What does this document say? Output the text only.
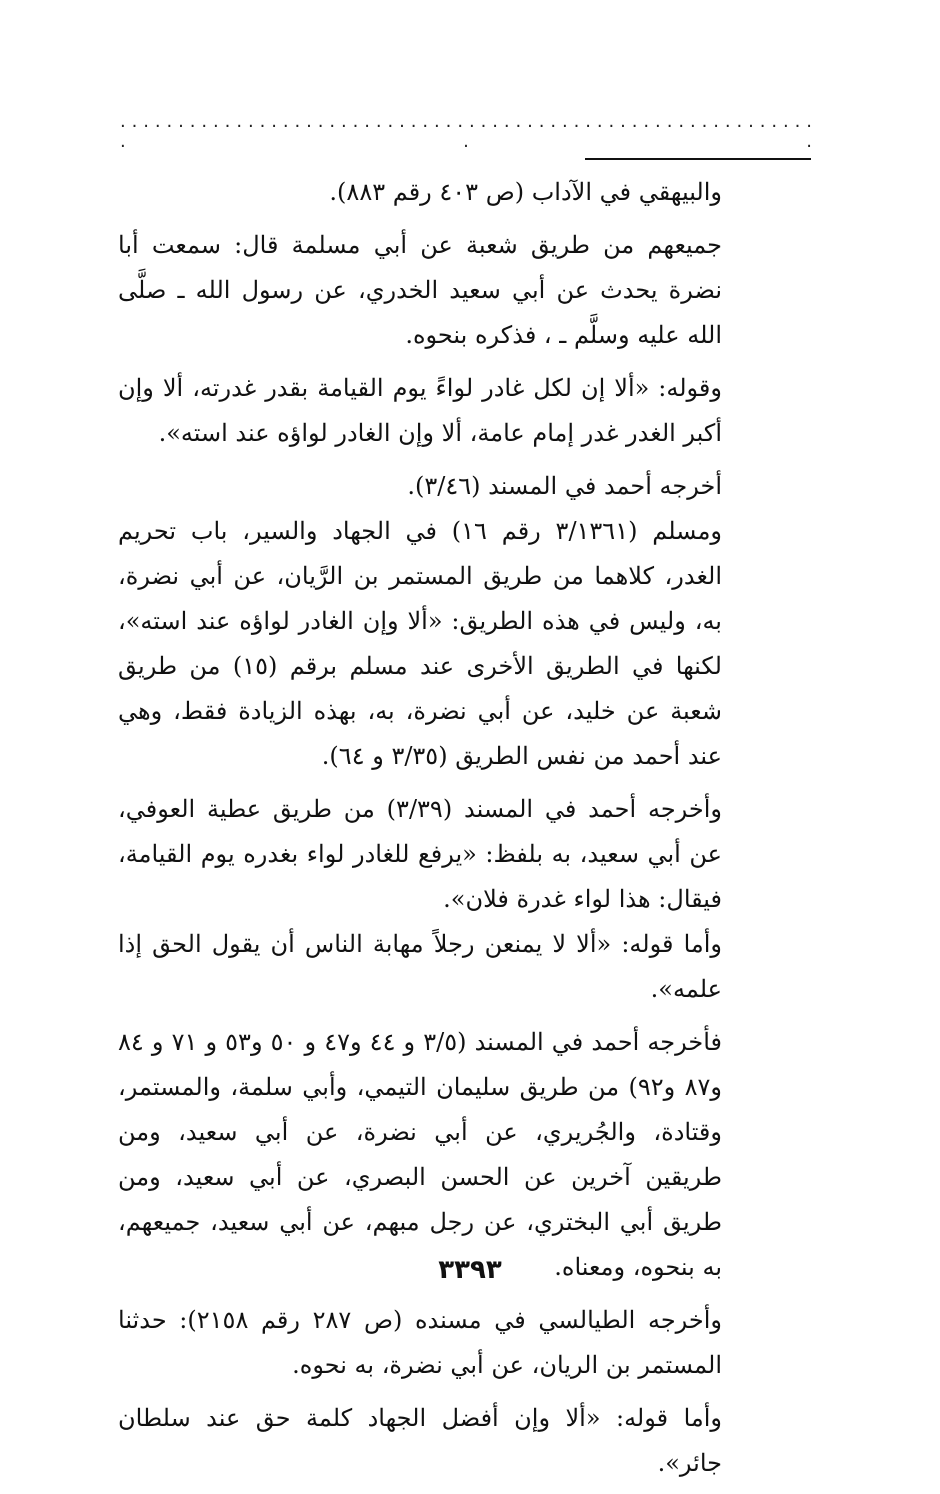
. . . . . . . . . . . . . . . . . . . . . . . . . . . . . . . . . . . . . . . . . . . . . . . . . . . . . . . . . . . . . . .

والبيهقي في الآداب (ص ٤٠٣ رقم ٨٨٣).

جميعهم من طريق شعبة عن أبي مسلمة قال: سمعت أبا نضرة يحدث عن أبي سعيد الخدري، عن رسول الله ـ صلَّى الله عليه وسلَّم ـ ، فذكره بنحوه.

وقوله: «ألا إن لكل غادر لواءً يوم القيامة بقدر غدرته، ألا وإن أكبر الغدر غدر إمام عامة، ألا وإن الغادر لواؤه عند استه».

أخرجه أحمد في المسند (٣/٤٦).

ومسلم (٣/١٣٦١ رقم ١٦) في الجهاد والسير، باب تحريم الغدر، كلاهما من طريق المستمر بن الرَّيان، عن أبي نضرة، به، وليس في هذه الطريق: «ألا وإن الغادر لواؤه عند استه»، لكنها في الطريق الأخرى عند مسلم برقم (١٥) من طريق شعبة عن خليد، عن أبي نضرة، به، بهذه الزيادة فقط، وهي عند أحمد من نفس الطريق (٣/٣٥ و ٦٤).

وأخرجه أحمد في المسند (٣/٣٩) من طريق عطية العوفي، عن أبي سعيد، به بلفظ: «يرفع للغادر لواء بغدره يوم القيامة، فيقال: هذا لواء غدرة فلان».

وأما قوله: «ألا لا يمنعن رجلاً مهابة الناس أن يقول الحق إذا علمه».

فأخرجه أحمد في المسند (٣/٥ و ٤٤ و٤٧ و ٥٠ و٥٣ و ٧١ و ٨٤ و٨٧ و٩٢) من طريق سليمان التيمي، وأبي سلمة، والمستمر، وقتادة، والجُريري، عن أبي نضرة، عن أبي سعيد، ومن طريقين آخرين عن الحسن البصري، عن أبي سعيد، ومن طريق أبي البختري، عن رجل مبهم، عن أبي سعيد، جميعهم، به بنحوه، ومعناه.

وأخرجه الطيالسي في مسنده (ص ٢٨٧ رقم ٢١٥٨): حدثنا المستمر بن الريان، عن أبي نضرة، به نحوه.

وأما قوله: «ألا وإن أفضل الجهاد كلمة حق عند سلطان جائر».

٣٣٩٣
